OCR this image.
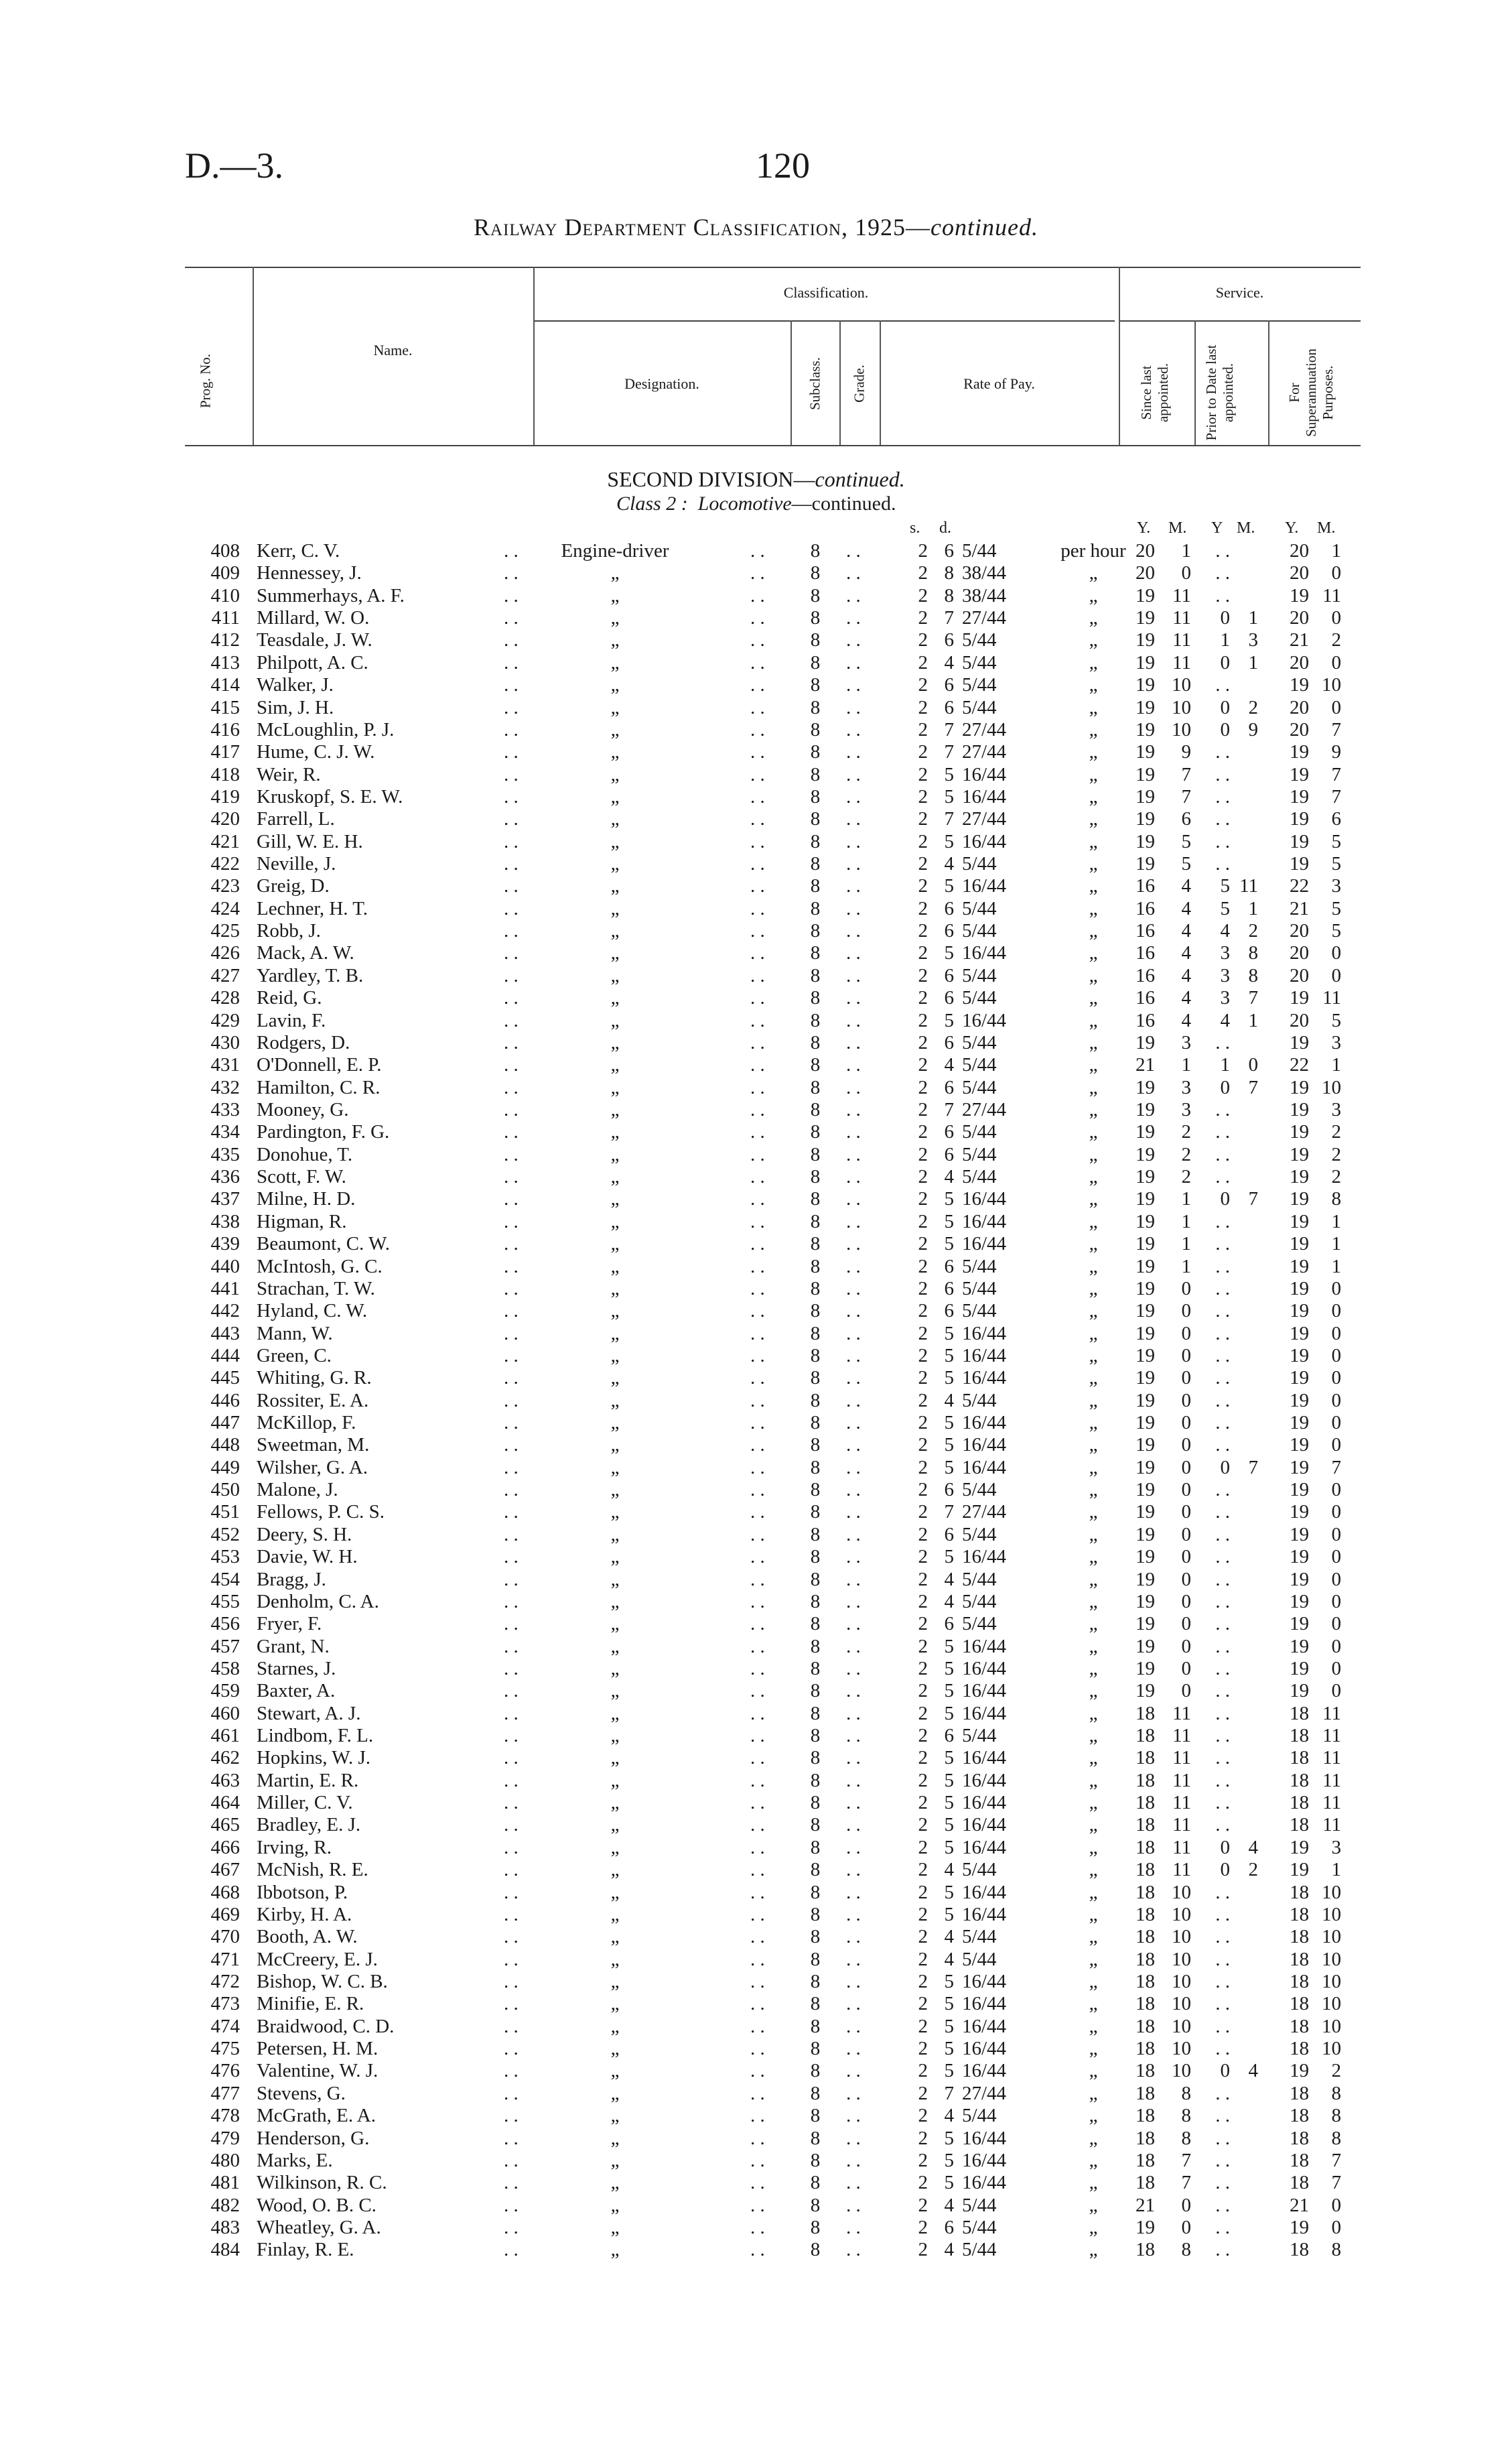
D.—3.	120
Railway Department Classification, 1925—continued.
Prog. No.
Name.
Classification.	Service.
Designation.	Subclass. Grade.	Rate of Pay.	Since last appointed.	Prior to Date last appointed.	For Superannuation Purposes.
SECOND DIVISION—continued.
Class 2 : Locomotive—continued.
s. d.	Y. M. Y M. Y. M.
408 Kerr, C. V.	. .	Engine-driver	. .	8	. .	2 6 5/44	per hour 20	1	. .	20	1
409 Hennessey, J.	. .	„	. .	8	. .	2 8 38/44	„	20	0	. .	20	0
410 Summerhays, A. F.	. .	„	. .	8	. .	2 8 38/44	„	19 11	. .	19 11
411 Millard, W. O.	. .	„	. .	8	. .	2 7 27/44	„	19 11	0 1	20	0
412 Teasdale, J. W.	. .	„	. .	8	. .	2 6 5/44	„	19 11	1 3	21	2
413 Philpott, A. C.	. .	„	. .	8	. .	2 4 5/44	„	19 11	0 1	20	0
414 Walker, J.	. .	„	. .	8	. .	2 6 5/44	„	19 10	. .	19 10
415 Sim, J. H.	. .	„	. .	8	. .	2 6 5/44	„	19 10	0 2	20	0
416 McLoughlin, P. J.	. .	„	. .	8	. .	2 7 27/44	„	19 10	0 9	20	7
417 Hume, C. J. W.	. .	„	. .	8	. .	2 7 27/44	„	19	9	. .	19	9
418 Weir, R.	. .	„	. .	8	. .	2 5 16/44	„	19	7	. .	19	7
419 Kruskopf, S. E. W.	. .	„	. .	8	. .	2 5 16/44	„	19	7	. .	19	7
420 Farrell, L.	. .	„	. .	8	. .	2 7 27/44	„	19	6	. .	19	6
421 Gill, W. E. H.	. .	„	. .	8	. .	2 5 16/44	„	19	5	. .	19	5
422 Neville, J.	. .	„	. .	8	. .	2 4 5/44	„	19	5	. .	19	5
423 Greig, D.	. .	„	. .	8	. .	2 5 16/44	„	16	4	5 11	22	3
424 Lechner, H. T.	. .	„	. .	8	. .	2 6 5/44	„	16	4	5 1	21	5
425 Robb, J.	. .	„	. .	8	. .	2 6 5/44	„	16	4	4 2	20	5
426 Mack, A. W.	. .	„	. .	8	. .	2 5 16/44	„	16	4	3 8	20	0
427 Yardley, T. B.	. .	„	. .	8	. .	2 6 5/44	„	16	4	3 8	20	0
428 Reid, G.	. .	„	. .	8	. .	2 6 5/44	„	16	4	3 7	19 11
429 Lavin, F.	. .	„	. .	8	. .	2 5 16/44	„	16	4	4 1	20	5
430 Rodgers, D.	. .	„	. .	8	. .	2 6 5/44	„	19	3	. .	19	3
431 O'Donnell, E. P.	. .	„	. .	8	. .	2 4 5/44	„	21	1	1 0	22	1
432 Hamilton, C. R.	. .	„	. .	8	. .	2 6 5/44	„	19	3	0 7	19 10
433 Mooney, G.	. .	„	. .	8	. .	2 7 27/44	„	19	3	. .	19	3
434 Pardington, F. G.	. .	„	. .	8	. .	2 6 5/44	„	19	2	. .	19	2
435 Donohue, T.	. .	„	. .	8	. .	2 6 5/44	„	19	2	. .	19	2
436 Scott, F. W.	. .	„	. .	8	. .	2 4 5/44	„	19	2	. .	19	2
437 Milne, H. D.	. .	„	. .	8	. .	2 5 16/44	„	19	1	0 7	19	8
438 Higman, R.	. .	„	. .	8	. .	2 5 16/44	„	19	1	. .	19	1
439 Beaumont, C. W.	. .	„	. .	8	. .	2 5 16/44	„	19	1	. .	19	1
440 McIntosh, G. C.	. .	„	. .	8	. .	2 6 5/44	„	19	1	. .	19	1
441 Strachan, T. W.	. .	„	. .	8	. .	2 6 5/44	„	19	0	. .	19	0
442 Hyland, C. W.	. .	„	. .	8	. .	2 6 5/44	„	19	0	. .	19	0
443 Mann, W.	. .	„	. .	8	. .	2 5 16/44	„	19	0	. .	19	0
444 Green, C.	. .	„	. .	8	. .	2 5 16/44	„	19	0	. .	19	0
445 Whiting, G. R.	. .	„	. .	8	. .	2 5 16/44	„	19	0	. .	19	0
446 Rossiter, E. A.	. .	„	. .	8	. .	2 4 5/44	„	19	0	. .	19	0
447 McKillop, F.	. .	„	. .	8	. .	2 5 16/44	„	19	0	. .	19	0
448 Sweetman, M.	. .	„	. .	8	. .	2 5 16/44	„	19	0	. .	19	0
449 Wilsher, G. A.	. .	„	. .	8	. .	2 5 16/44	„	19	0	0 7	19	7
450 Malone, J.	. .	„	. .	8	. .	2 6 5/44	„	19	0	. .	19	0
451 Fellows, P. C. S.	. .	„	. .	8	. .	2 7 27/44	„	19	0	. .	19	0
452 Deery, S. H.	. .	„	. .	8	. .	2 6 5/44	„	19	0	. .	19	0
453 Davie, W. H.	. .	„	. .	8	. .	2 5 16/44	„	19	0	. .	19	0
454 Bragg, J.	. .	„	. .	8	. .	2 4 5/44	„	19	0	. .	19	0
455 Denholm, C. A.	. .	„	. .	8	. .	2 4 5/44	„	19	0	. .	19	0
456 Fryer, F.	. .	„	. .	8	. .	2 6 5/44	„	19	0	. .	19	0
457 Grant, N.	. .	„	. .	8	. .	2 5 16/44	„	19	0	. .	19	0
458 Starnes, J.	. .	„	. .	8	. .	2 5 16/44	„	19	0	. .	19	0
459 Baxter, A.	. .	„	. .	8	. .	2 5 16/44	„	19	0	. .	19	0
460 Stewart, A. J.	. .	„	. .	8	. .	2 5 16/44	„	18 11	. .	18 11
461 Lindbom, F. L.	. .	„	. .	8	. .	2 6 5/44	„	18 11	. .	18 11
462 Hopkins, W. J.	. .	„	. .	8	. .	2 5 16/44	„	18 11	. .	18 11
463 Martin, E. R.	. .	„	. .	8	. .	2 5 16/44	„	18 11	. .	18 11
464 Miller, C. V.	. .	„	. .	8	. .	2 5 16/44	„	18 11	. .	18 11
465 Bradley, E. J.	. .	„	. .	8	. .	2 5 16/44	„	18 11	. .	18 11
466 Irving, R.	. .	„	. .	8	. .	2 5 16/44	„	18 11	0 4	19	3
467 McNish, R. E.	. .	„	. .	8	. .	2 4 5/44	„	18 11	0 2	19	1
468 Ibbotson, P.	. .	„	. .	8	. .	2 5 16/44	„	18 10	. .	18 10
469 Kirby, H. A.	. .	„	. .	8	. .	2 5 16/44	„	18 10	. .	18 10
470 Booth, A. W.	. .	„	. .	8	. .	2 4 5/44	„	18 10	. .	18 10
471 McCreery, E. J.	. .	„	. .	8	. .	2 4 5/44	„	18 10	. .	18 10
472 Bishop, W. C. B.	. .	„	. .	8	. .	2 5 16/44	„	18 10	. .	18 10
473 Minifie, E. R.	. .	„	. .	8	. .	2 5 16/44	„	18 10	. .	18 10
474 Braidwood, C. D.	. .	„	. .	8	. .	2 5 16/44	„	18 10	. .	18 10
475 Petersen, H. M.	. .	„	. .	8	. .	2 5 16/44	„	18 10	. .	18 10
476 Valentine, W. J.	. .	„	. .	8	. .	2 5 16/44	„	18 10	0 4	19	2
477 Stevens, G.	. .	„	. .	8	. .	2 7 27/44	„	18	8	. .	18	8
478 McGrath, E. A.	. .	„	. .	8	. .	2 4 5/44	„	18	8	. .	18	8
479 Henderson, G.	. .	„	. .	8	. .	2 5 16/44	„	18	8	. .	18	8
480 Marks, E.	. .	„	. .	8	. .	2 5 16/44	„	18	7	. .	18	7
481 Wilkinson, R. C.	. .	„	. .	8	. .	2 5 16/44	„	18	7	. .	18	7
482 Wood, O. B. C.	. .	„	. .	8	. .	2 4 5/44	„	21	0	. .	21	0
483 Wheatley, G. A.	. .	„	. .	8	. .	2 6 5/44	„	19	0	. .	19	0
484 Finlay, R. E.	. .	„	. .	8	. .	2 4 5/44	„	18	8	. .	18	8
